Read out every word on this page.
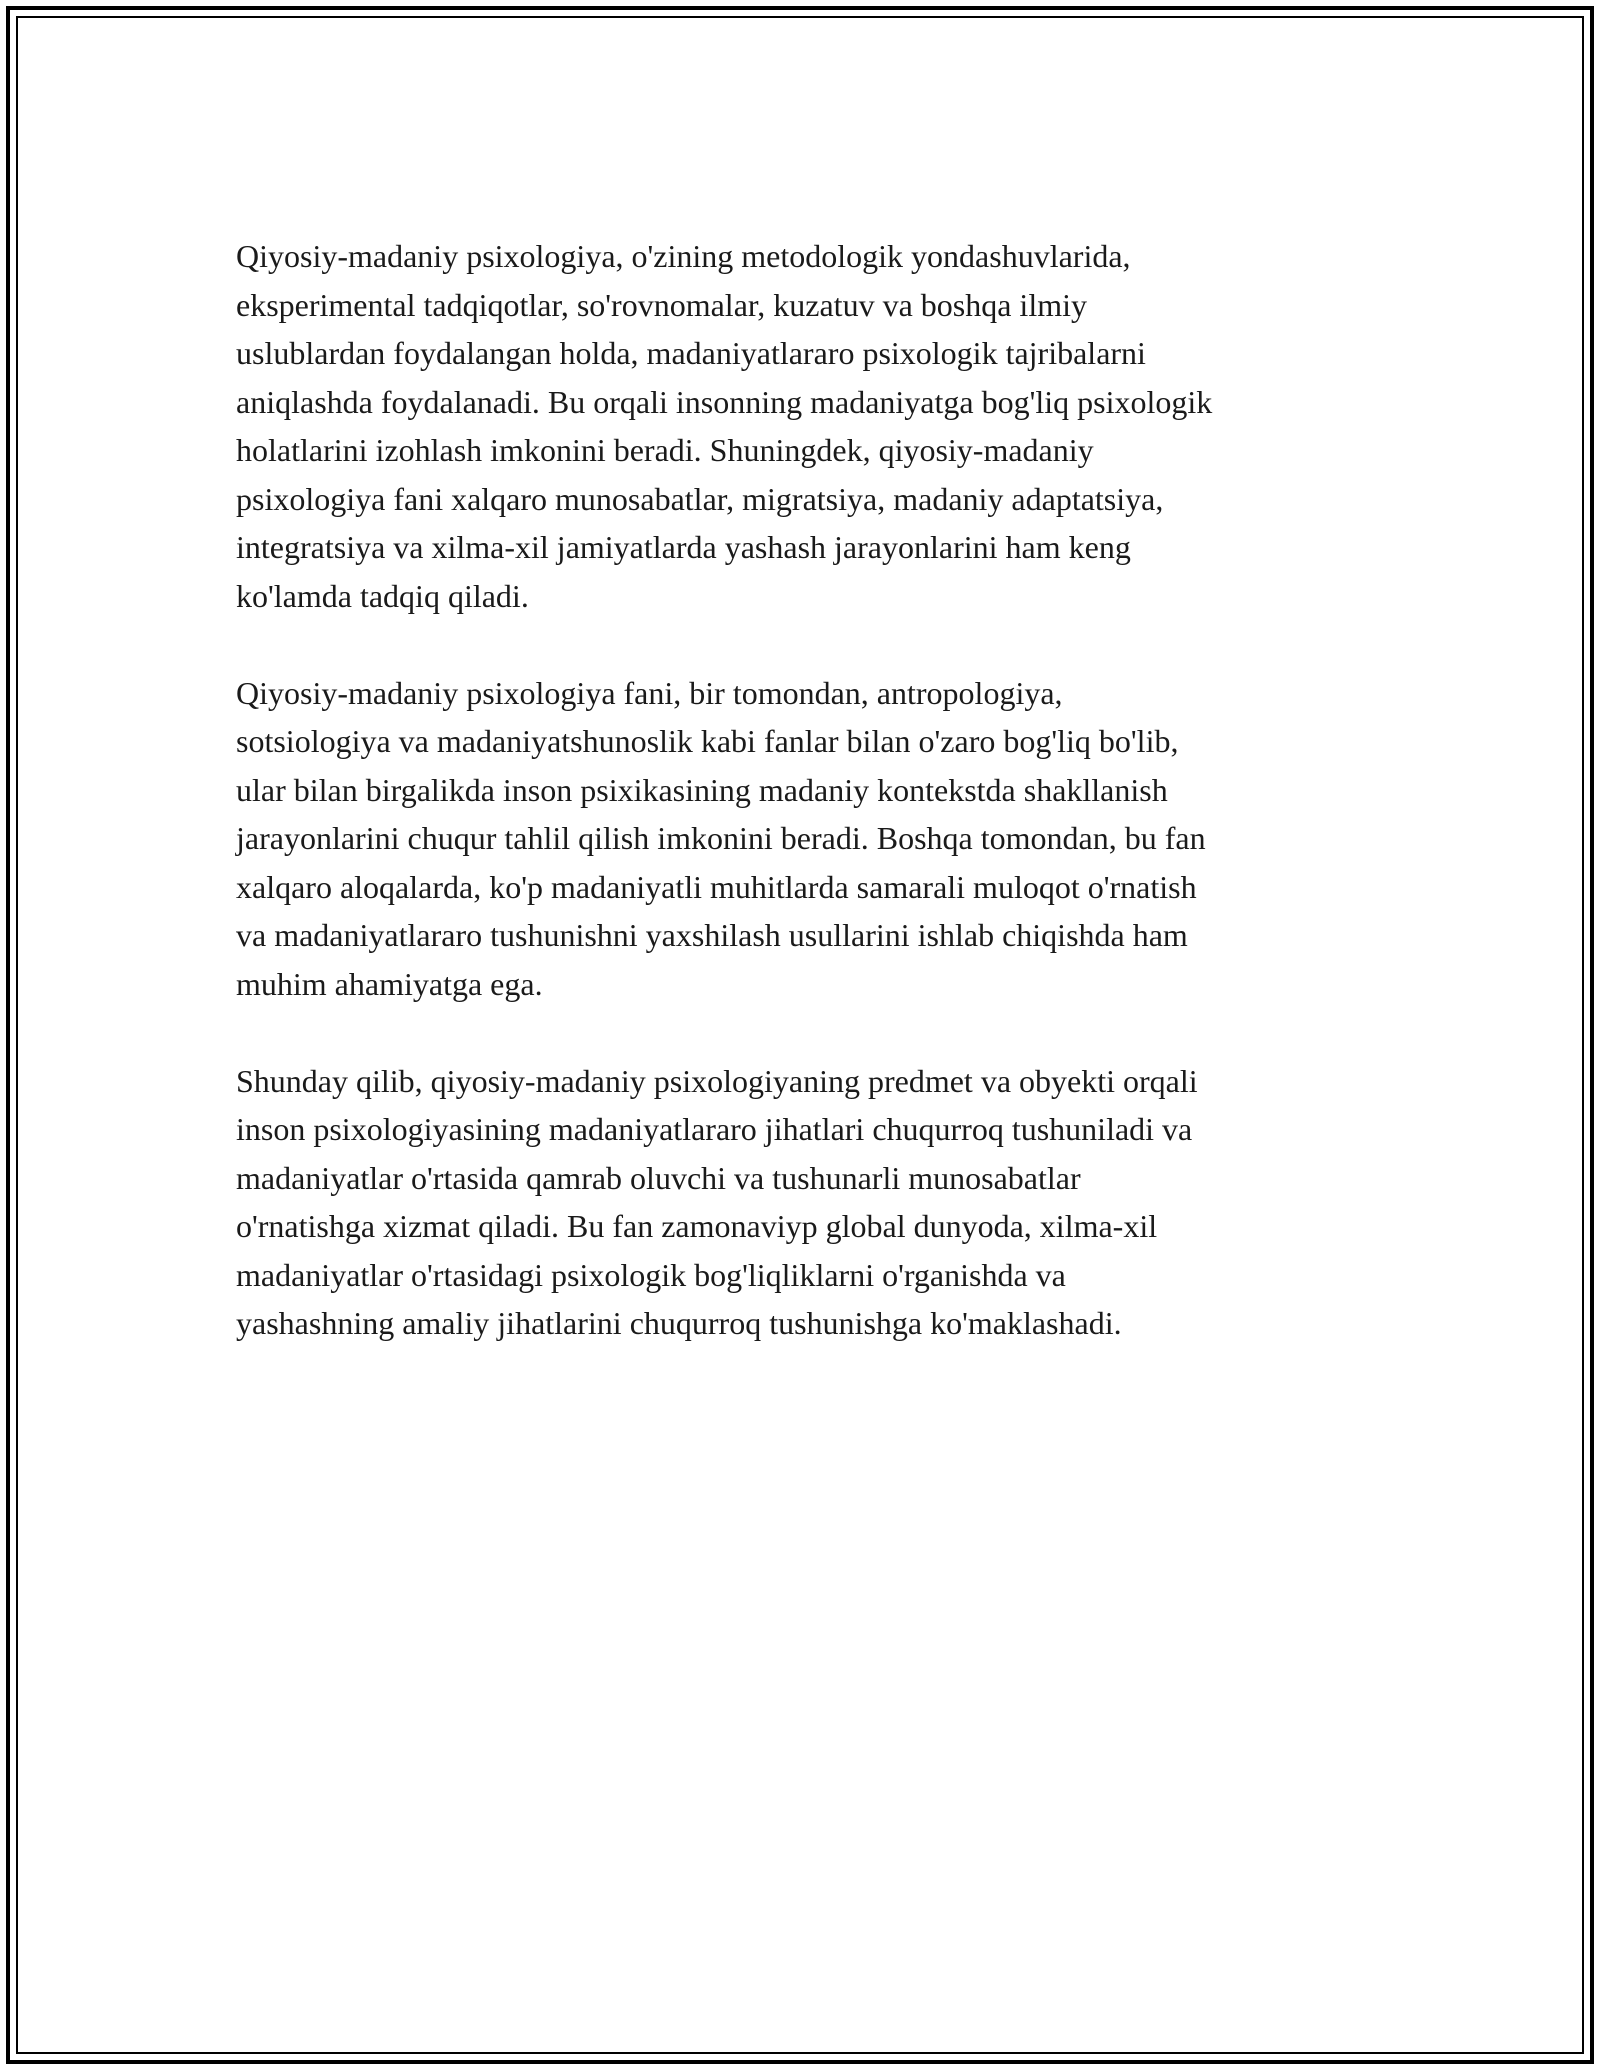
Qiyosiy-madaniy psixologiya, o'zining metodologik yondashuvlarida,
eksperimental tadqiqotlar, so'rovnomalar, kuzatuv va boshqa ilmiy
uslublardan foydalangan holda, madaniyatlararo psixologik tajribalarni
aniqlashda foydalanadi. Bu orqali insonning madaniyatga bog'liq psixologik
holatlarini izohlash imkonini beradi. Shuningdek, qiyosiy-madaniy
psixologiya fani xalqaro munosabatlar, migratsiya, madaniy adaptatsiya,
integratsiya va xilma-xil jamiyatlarda yashash jarayonlarini ham keng
ko'lamda tadqiq qiladi.

Qiyosiy-madaniy psixologiya fani, bir tomondan, antropologiya,
sotsiologiya va madaniyatshunoslik kabi fanlar bilan o'zaro bog'liq bo'lib,
ular bilan birgalikda inson psixikasining madaniy kontekstda shakllanish
jarayonlarini chuqur tahlil qilish imkonini beradi. Boshqa tomondan, bu fan
xalqaro aloqalarda, ko'p madaniyatli muhitlarda samarali muloqot o'rnatish
va madaniyatlararo tushunishni yaxshilash usullarini ishlab chiqishda ham
muhim ahamiyatga ega.

Shunday qilib, qiyosiy-madaniy psixologiyaning predmet va obyekti orqali
inson psixologiyasining madaniyatlararo jihatlari chuqurroq tushuniladi va
madaniyatlar o'rtasida qamrab oluvchi va tushunarli munosabatlar
o'rnatishga xizmat qiladi. Bu fan zamonaviyp global dunyoda, xilma-xil
madaniyatlar o'rtasidagi psixologik bog'liqliklarni o'rganishda va
yashashning amaliy jihatlarini chuqurroq tushunishga ko'maklashadi.
